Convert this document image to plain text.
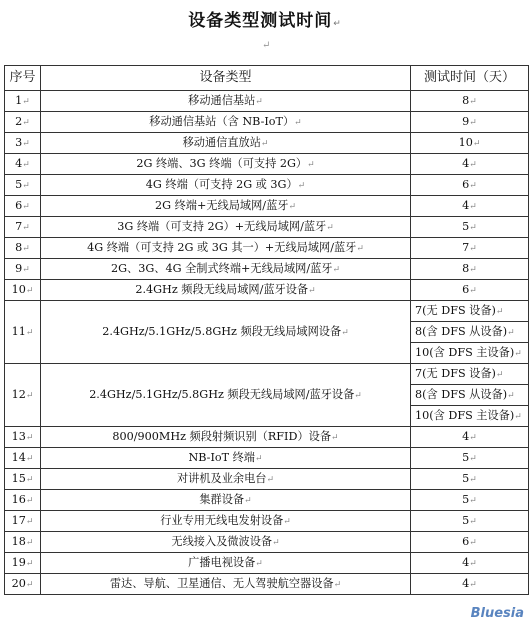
设备类型测试时间↵
↵
序号	设备类型	测试时间（天）
1↵	移动通信基站↵	8↵
2↵	移动通信基站（含 NB-IoT）↵	9↵
3↵	移动通信直放站↵	10↵
4↵	2G 终端、3G 终端（可支持 2G）↵	4↵
5↵	4G 终端（可支持 2G 或 3G）↵	6↵
6↵	2G 终端+无线局域网/蓝牙↵	4↵
7↵	3G 终端（可支持 2G）+无线局域网/蓝牙↵	5↵
8↵	4G 终端（可支持 2G 或 3G 其一）+无线局域网/蓝牙↵	7↵
9↵	2G、3G、4G 全制式终端+无线局域网/蓝牙↵	8↵
10↵	2.4GHz 频段无线局域网/蓝牙设备↵	6↵
11↵	2.4GHz/5.1GHz/5.8GHz 频段无线局域网设备↵	7(无 DFS 设备)↵
		8(含 DFS 从设备)↵
		10(含 DFS 主设备)↵
12↵	2.4GHz/5.1GHz/5.8GHz 频段无线局域网/蓝牙设备↵	7(无 DFS 设备)↵
		8(含 DFS 从设备)↵
		10(含 DFS 主设备)↵
13↵	800/900MHz 频段射频识别（RFID）设备↵	4↵
14↵	NB-IoT 终端↵	5↵
15↵	对讲机及业余电台↵	5↵
16↵	集群设备↵	5↵
17↵	行业专用无线电发射设备↵	5↵
18↵	无线接入及微波设备↵	6↵
19↵	广播电视设备↵	4↵
20↵	雷达、导航、卫星通信、无人驾驶航空器设备↵	4↵
Bluesia
